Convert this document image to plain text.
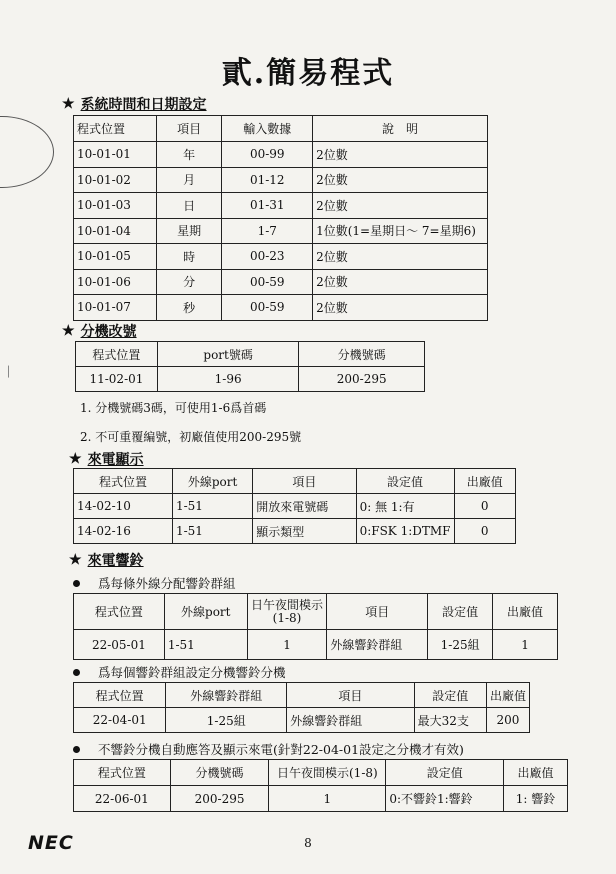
貳.簡易程式
★ 系統時間和日期設定
程式位置	項目	輸入數據	說　明
10-01-01	年	00-99	2位數
10-01-02	月	01-12	2位數
10-01-03	日	01-31	2位數
10-01-04	星期	1-7	1位數(1=星期日～ 7=星期6)
10-01-05	時	00-23	2位數
10-01-06	分	00-59	2位數
10-01-07	秒	00-59	2位數
★ 分機改號
程式位置	port號碼	分機號碼
11-02-01	1-96	200-295
1. 分機號碼3碼，可使用1-6爲首碼
2. 不可重覆編號，初廠值使用200-295號
★ 來電顯示
程式位置	外線port	項目	設定值	出廠值
14-02-10	1-51	開放來電號碼	0: 無 1:有	0
14-02-16	1-51	顯示類型	0:FSK 1:DTMF	0
★ 來電響鈴
爲每條外線分配響鈴群組
程式位置	外線port	日午夜間模示(1-8)	項目	設定值	出廠值
22-05-01	1-51	1	外線響鈴群組	1-25組	1
爲每個響鈴群組設定分機響鈴分機
程式位置	外線響鈴群組	項目	設定值	出廠值
22-04-01	1-25組	外線響鈴群組	最大32支	200
不響鈴分機自動應答及顯示來電(針對22-04-01設定之分機才有效)
程式位置	分機號碼	日午夜間模示(1-8)	設定值	出廠值
22-06-01	200-295	1	0:不響鈴1:響鈴	1: 響鈴
NEC	8
